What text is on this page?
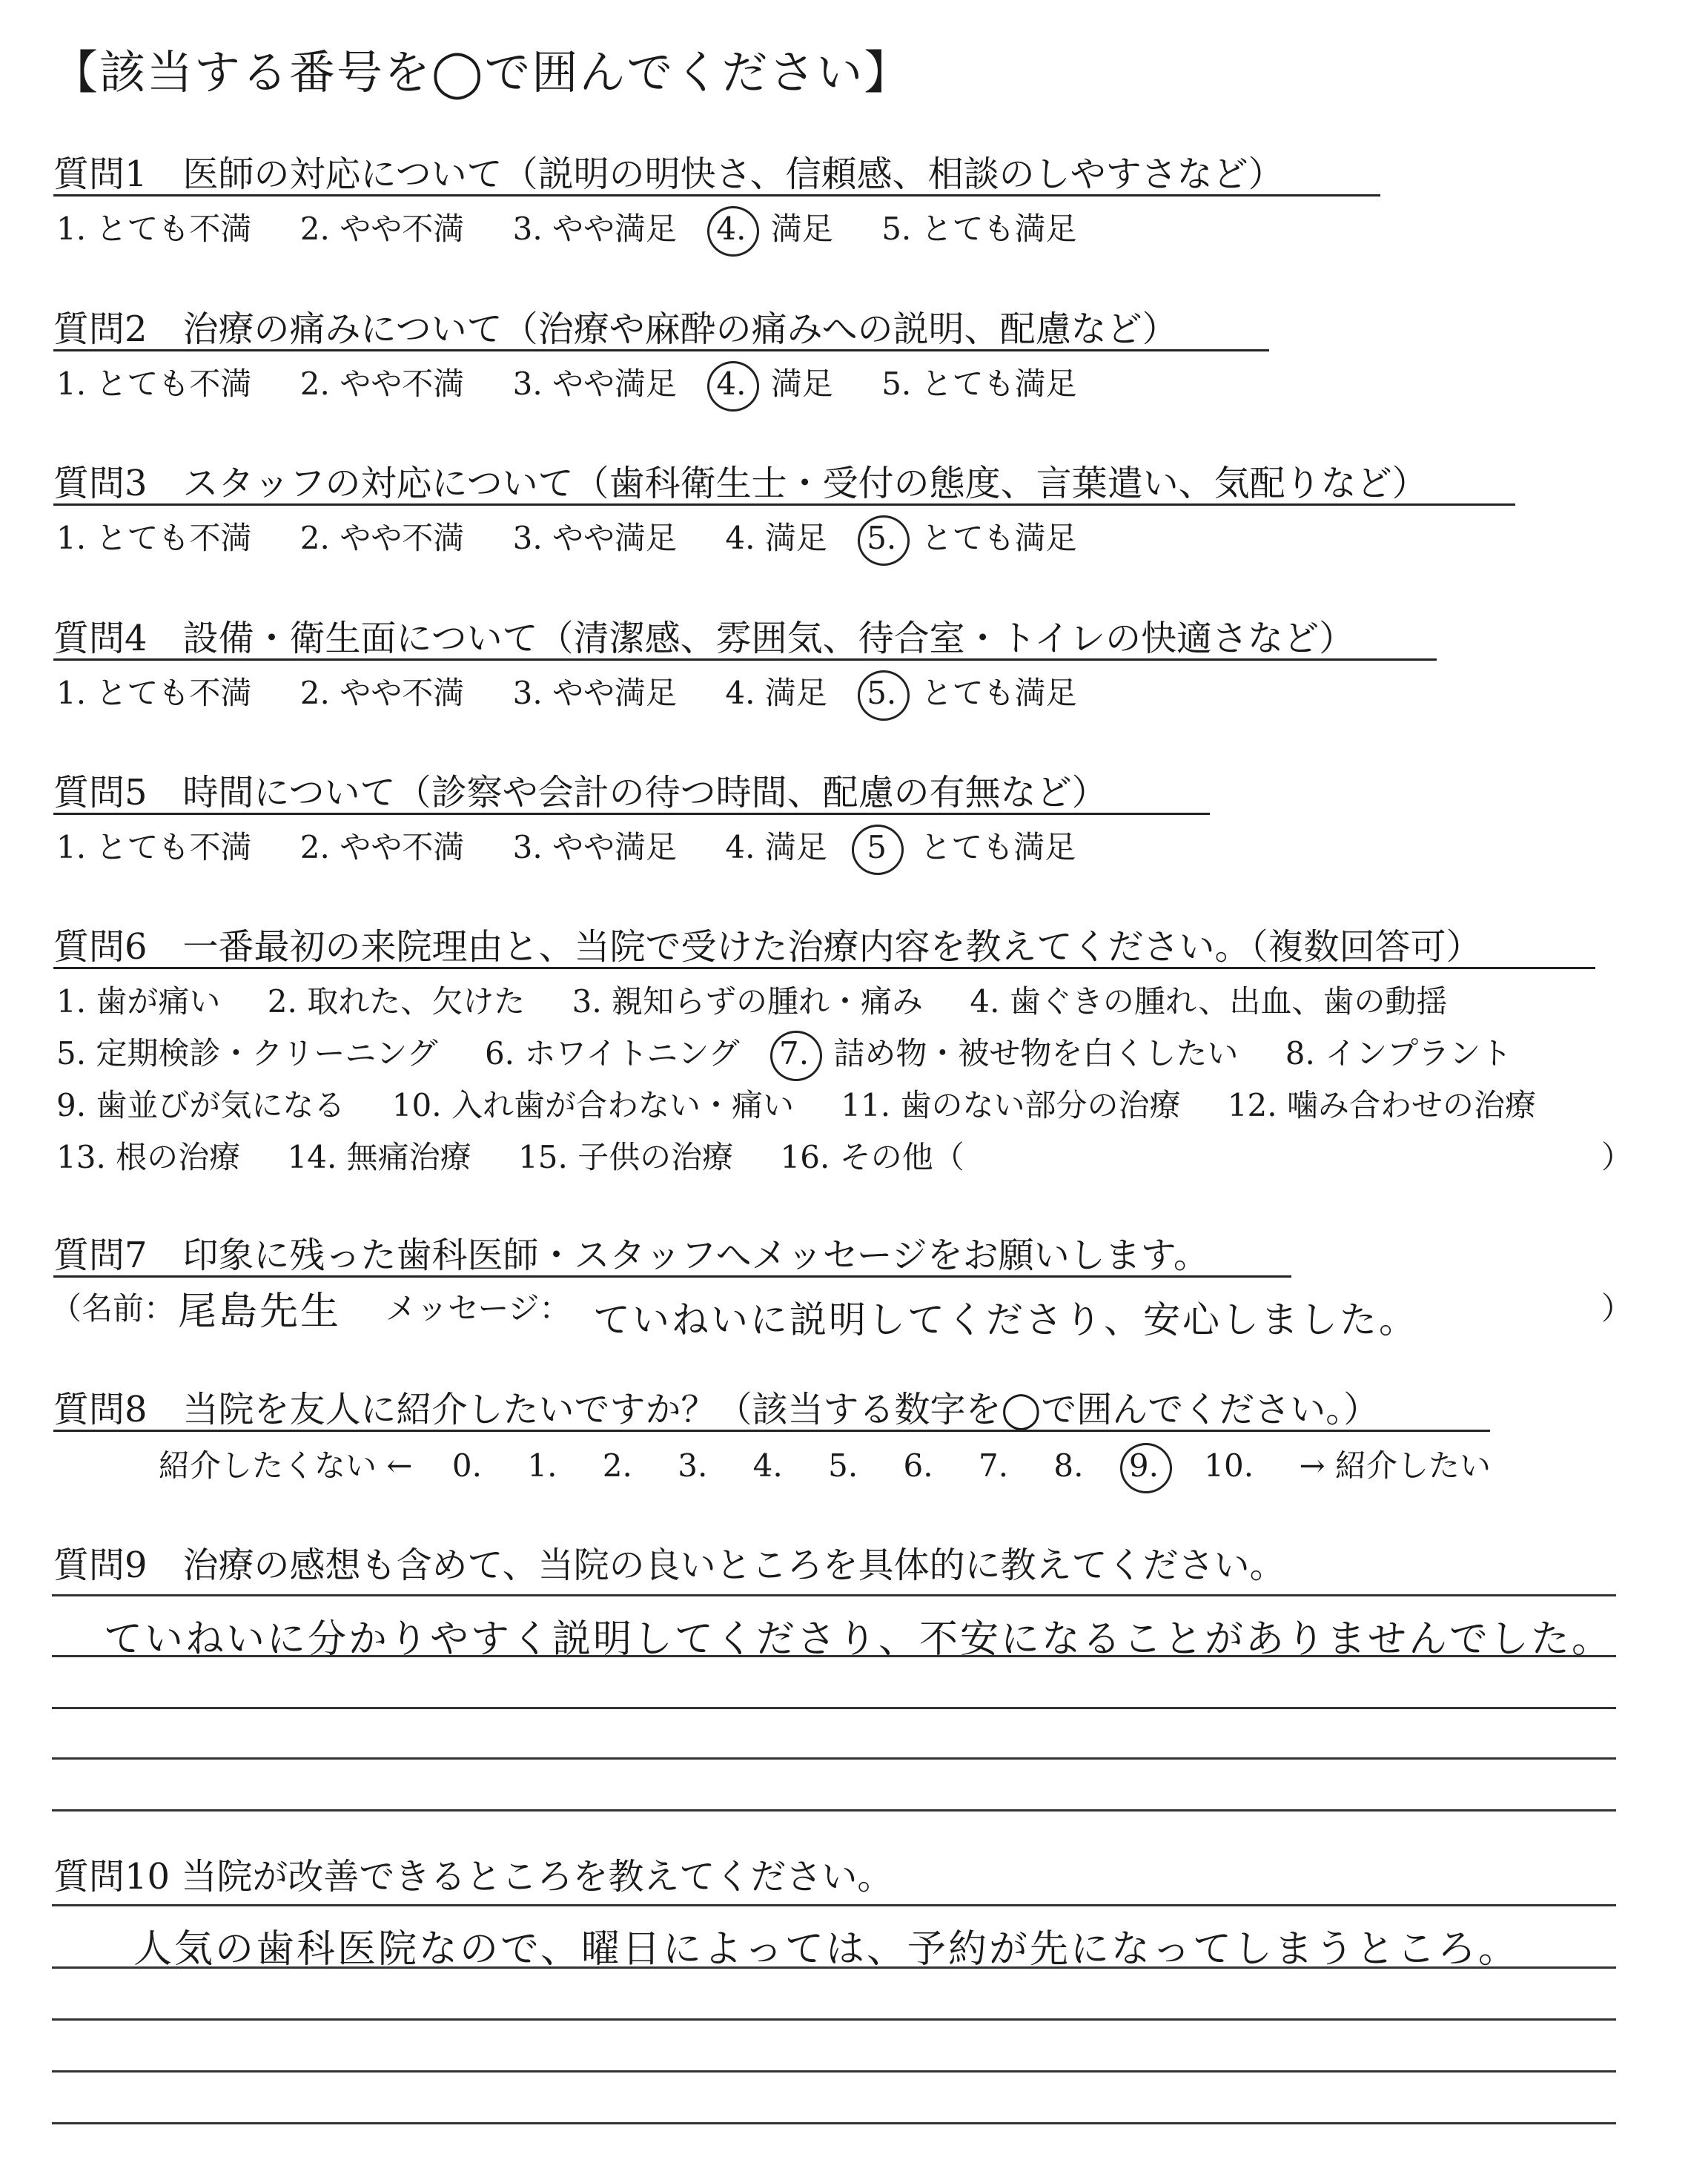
【該当する番号を◯で囲んでください】
質問1　医師の対応について（説明の明快さ、信頼感、相談のしやすさなど）
1. とても不満 2. やや不満 3. やや満足 4. 満足 5. とても満足
質問2　治療の痛みについて（治療や麻酔の痛みへの説明、配慮など）
1. とても不満 2. やや不満 3. やや満足 4. 満足 5. とても満足
質問3　スタッフの対応について（歯科衛生士・受付の態度、言葉遣い、気配りなど）
1. とても不満 2. やや不満 3. やや満足 4. 満足 5. とても満足
質問4　設備・衛生面について（清潔感、雰囲気、待合室・トイレの快適さなど）
1. とても不満 2. やや不満 3. やや満足 4. 満足 5. とても満足
質問5　時間について（診察や会計の待つ時間、配慮の有無など）
1. とても不満 2. やや不満 3. やや満足 4. 満足 5 とても満足
質問6　一番最初の来院理由と、当院で受けた治療内容を教えてください。（複数回答可）
1. 歯が痛い 2. 取れた、欠けた 3. 親知らずの腫れ・痛み 4. 歯ぐきの腫れ、出血、歯の動揺
5. 定期検診・クリーニング 6. ホワイトニング 7. 詰め物・被せ物を白くしたい 8. インプラント
9. 歯並びが気になる 10. 入れ歯が合わない・痛い 11. 歯のない部分の治療 12. 噛み合わせの治療
13. 根の治療 14. 無痛治療 15. 子供の治療 16. その他（	）
質問7　印象に残った歯科医師・スタッフへメッセージをお願いします。
（名前： 尾島先生 メッセージ： ていねいに説明してくださり、安心しました。	）
質問8　当院を友人に紹介したいですか？（該当する数字を◯で囲んでください。）
紹介したくない ← 0. 1. 2. 3. 4. 5. 6. 7. 8. 9. 10. → 紹介したい
質問9　治療の感想も含めて、当院の良いところを具体的に教えてください。
ていねいに分かりやすく説明してくださり、不安になることがありませんでした。
質問10 当院が改善できるところを教えてください。
人気の歯科医院なので、曜日によっては、予約が先になってしまうところ。
